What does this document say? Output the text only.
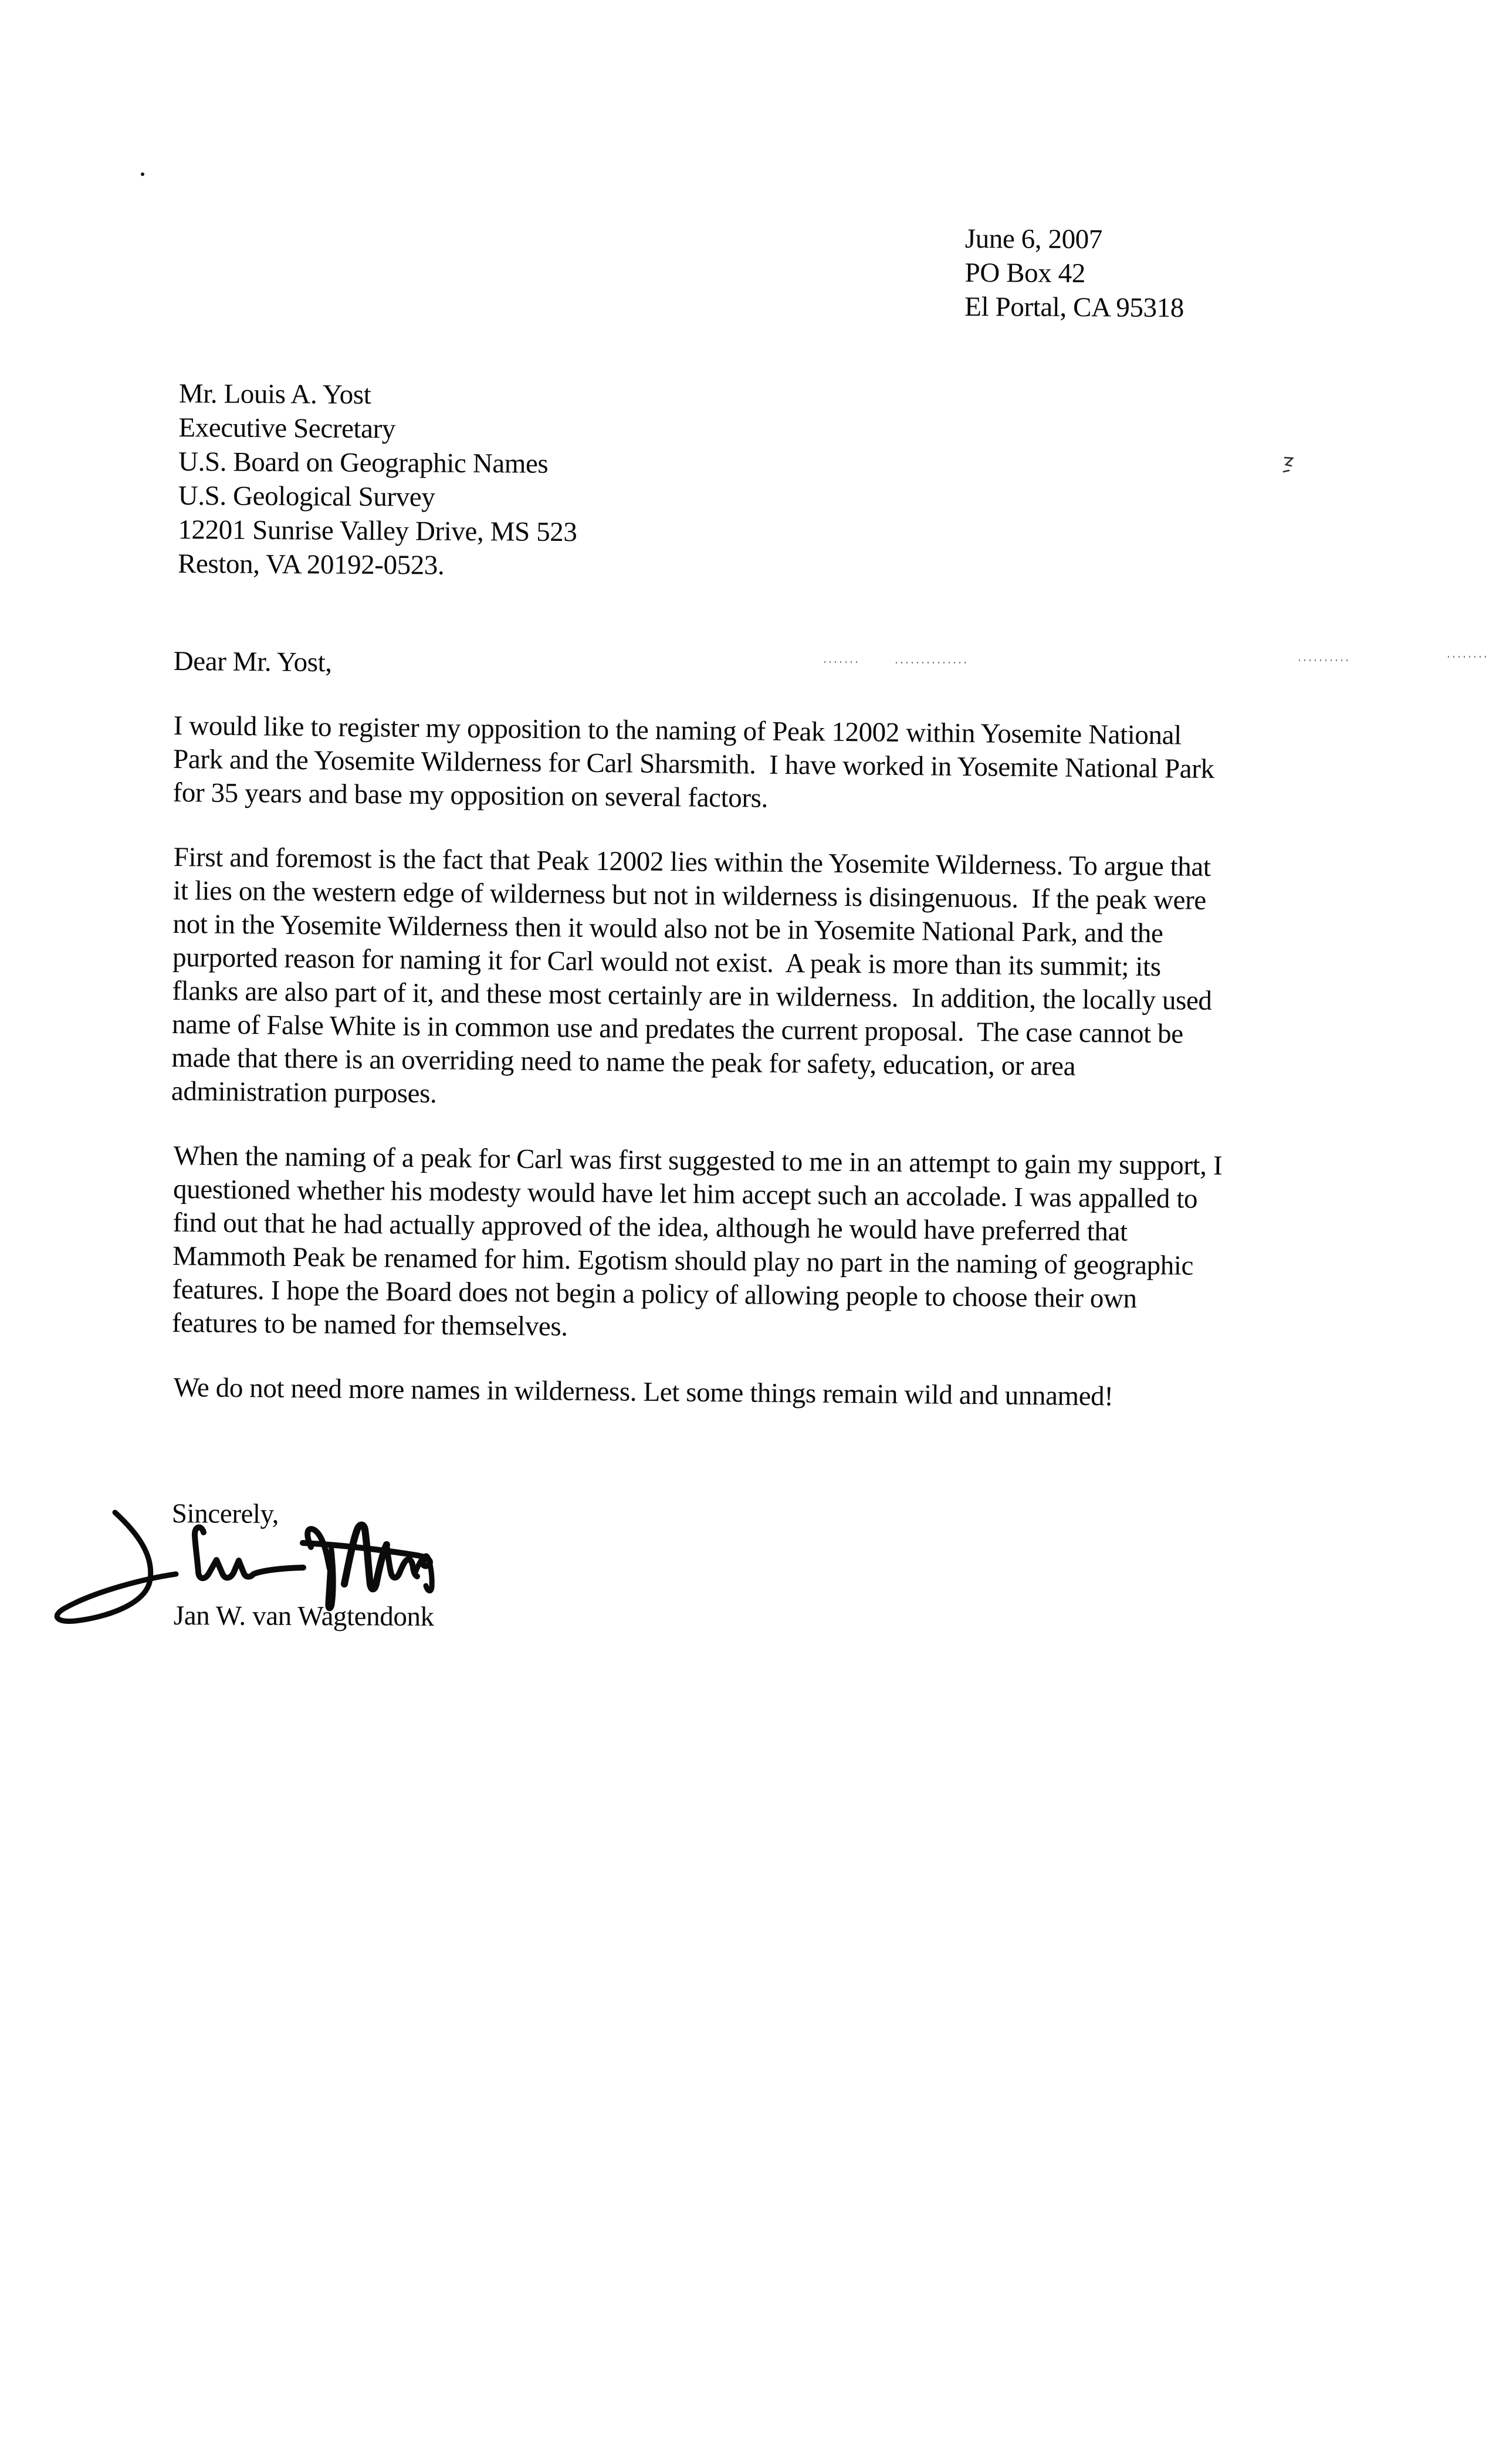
June 6, 2007
PO Box 42
El Portal, CA 95318
Mr. Louis A. Yost
Executive Secretary
U.S. Board on Geographic Names
U.S. Geological Survey
12201 Sunrise Valley Drive, MS 523
Reston, VA 20192-0523.
Dear Mr. Yost,
I would like to register my opposition to the naming of Peak 12002 within Yosemite National
Park and the Yosemite Wilderness for Carl Sharsmith.  I have worked in Yosemite National Park
for 35 years and base my opposition on several factors.
First and foremost is the fact that Peak 12002 lies within the Yosemite Wilderness. To argue that
it lies on the western edge of wilderness but not in wilderness is disingenuous.  If the peak were
not in the Yosemite Wilderness then it would also not be in Yosemite National Park, and the
purported reason for naming it for Carl would not exist.  A peak is more than its summit; its
flanks are also part of it, and these most certainly are in wilderness.  In addition, the locally used
name of False White is in common use and predates the current proposal.  The case cannot be
made that there is an overriding need to name the peak for safety, education, or area
administration purposes.
When the naming of a peak for Carl was first suggested to me in an attempt to gain my support, I
questioned whether his modesty would have let him accept such an accolade. I was appalled to
find out that he had actually approved of the idea, although he would have preferred that
Mammoth Peak be renamed for him. Egotism should play no part in the naming of geographic
features. I hope the Board does not begin a policy of allowing people to choose their own
features to be named for themselves.
We do not need more names in wilderness. Let some things remain wild and unnamed!
Sincerely,
Jan W. van Wagtendonk
